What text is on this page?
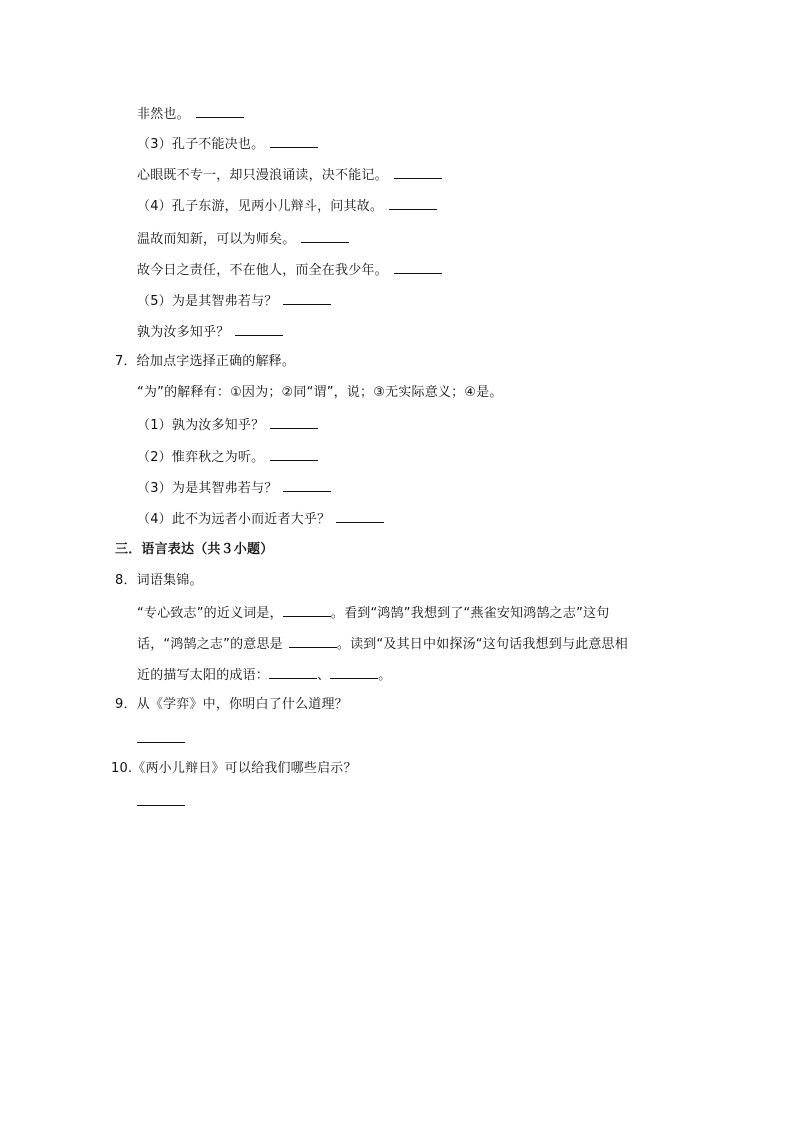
非然也。
（3）孔子不能决也。
心眼既不专一，却只漫浪诵读，决不能记。
（4）孔子东游，见两小儿辩斗，问其故。
温故而知新，可以为师矣。
故今日之责任，不在他人，而全在我少年。
（5）为是其智弗若与？
孰为汝多知乎？
7．给加点字选择正确的解释。
“为”的解释有：①因为；②同“谓”，说；③无实际意义；④是。
（1）孰为汝多知乎？
（2）惟弈秋之为听。
（3）为是其智弗若与？
（4）此不为远者小而近者大乎？
三．语言表达（共３小题）
8．词语集锦。
“专心致志”的近义词是，	。看到“鸿鹄”我想到了“燕雀安知鸿鹄之志”这句
话，“鸿鹄之志”的意思是	。读到“及其日中如探汤“这句话我想到与此意思相
近的描写太阳的成语：	、	。
9．从《学弈》中，你明白了什么道理？
10.《两小儿辩日》可以给我们哪些启示？
